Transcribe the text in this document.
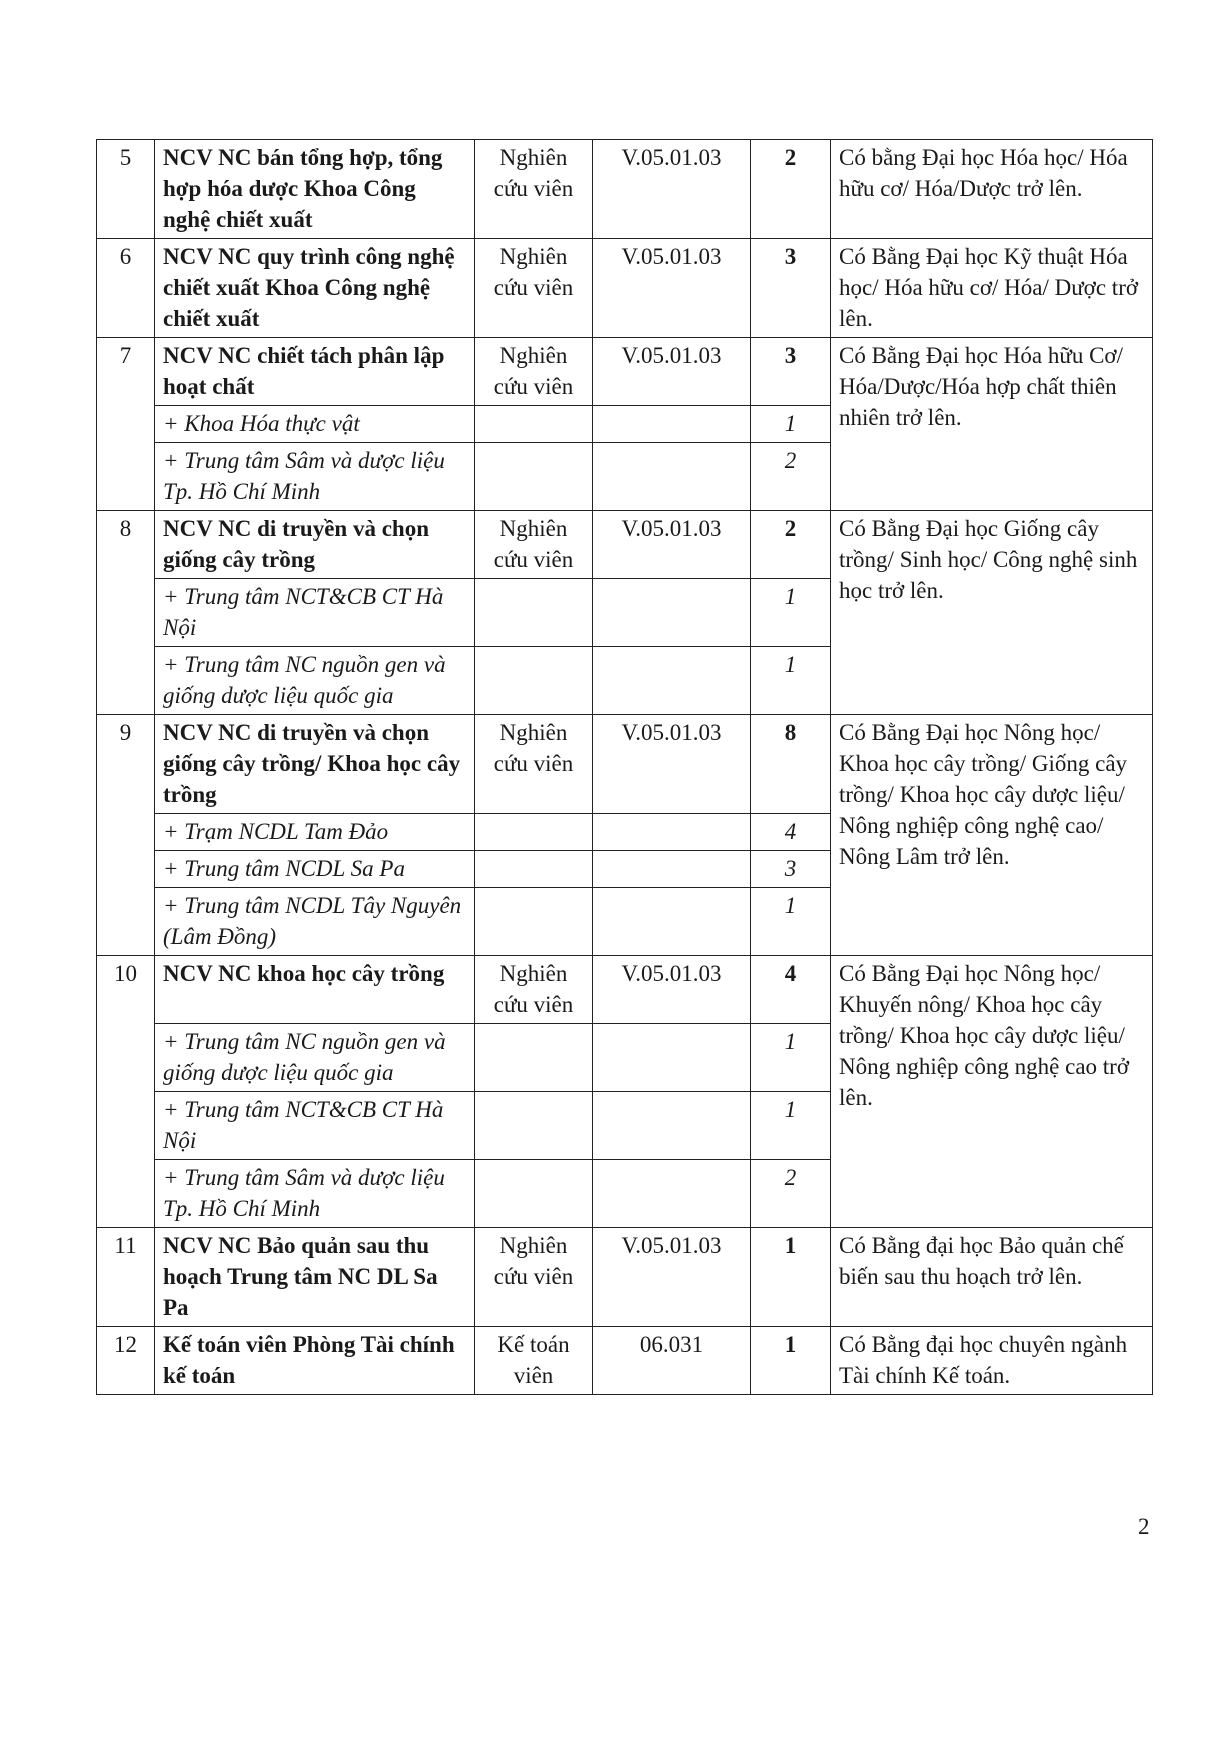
5	NCV NC bán tổng hợp, tổng hợp hóa dược Khoa Công nghệ chiết xuất	Nghiên cứu viên	V.05.01.03	2	Có bằng Đại học Hóa học/ Hóa hữu cơ/ Hóa/Dược trở lên.
6	NCV NC quy trình công nghệ chiết xuất Khoa Công nghệ chiết xuất	Nghiên cứu viên	V.05.01.03	3	Có Bằng Đại học Kỹ thuật Hóa học/ Hóa hữu cơ/ Hóa/ Dược trở lên.
7	NCV NC chiết tách phân lập hoạt chất	Nghiên cứu viên	V.05.01.03	3	Có Bằng Đại học Hóa hữu Cơ/ Hóa/Dược/Hóa hợp chất thiên nhiên trở lên.
	+ Khoa Hóa thực vật			1	
	+ Trung tâm Sâm và dược liệu Tp. Hồ Chí Minh			2	
8	NCV NC di truyền và chọn giống cây trồng	Nghiên cứu viên	V.05.01.03	2	Có Bằng Đại học Giống cây trồng/ Sinh học/ Công nghệ sinh học trở lên.
	+ Trung tâm NCT&CB CT Hà Nội			1	
	+ Trung tâm NC nguồn gen và giống dược liệu quốc gia			1	
9	NCV NC di truyền và chọn giống cây trồng/ Khoa học cây trồng	Nghiên cứu viên	V.05.01.03	8	Có Bằng Đại học Nông học/ Khoa học cây trồng/ Giống cây trồng/ Khoa học cây dược liệu/ Nông nghiệp công nghệ cao/ Nông Lâm trở lên.
	+ Trạm NCDL Tam Đảo			4	
	+ Trung tâm NCDL Sa Pa			3	
	+ Trung tâm NCDL Tây Nguyên (Lâm Đồng)			1	
10	NCV NC khoa học cây trồng	Nghiên cứu viên	V.05.01.03	4	Có Bằng Đại học Nông học/ Khuyến nông/ Khoa học cây trồng/ Khoa học cây dược liệu/ Nông nghiệp công nghệ cao trở lên.
	+ Trung tâm NC nguồn gen và giống dược liệu quốc gia			1	
	+ Trung tâm NCT&CB CT Hà Nội			1	
	+ Trung tâm Sâm và dược liệu Tp. Hồ Chí Minh			2	
11	NCV NC Bảo quản sau thu hoạch Trung tâm NC DL Sa Pa	Nghiên cứu viên	V.05.01.03	1	Có Bằng đại học Bảo quản chế biến sau thu hoạch trở lên.
12	Kế toán viên Phòng Tài chính kế toán	Kế toán viên	06.031	1	Có Bằng đại học chuyên ngành Tài chính Kế toán.
2
